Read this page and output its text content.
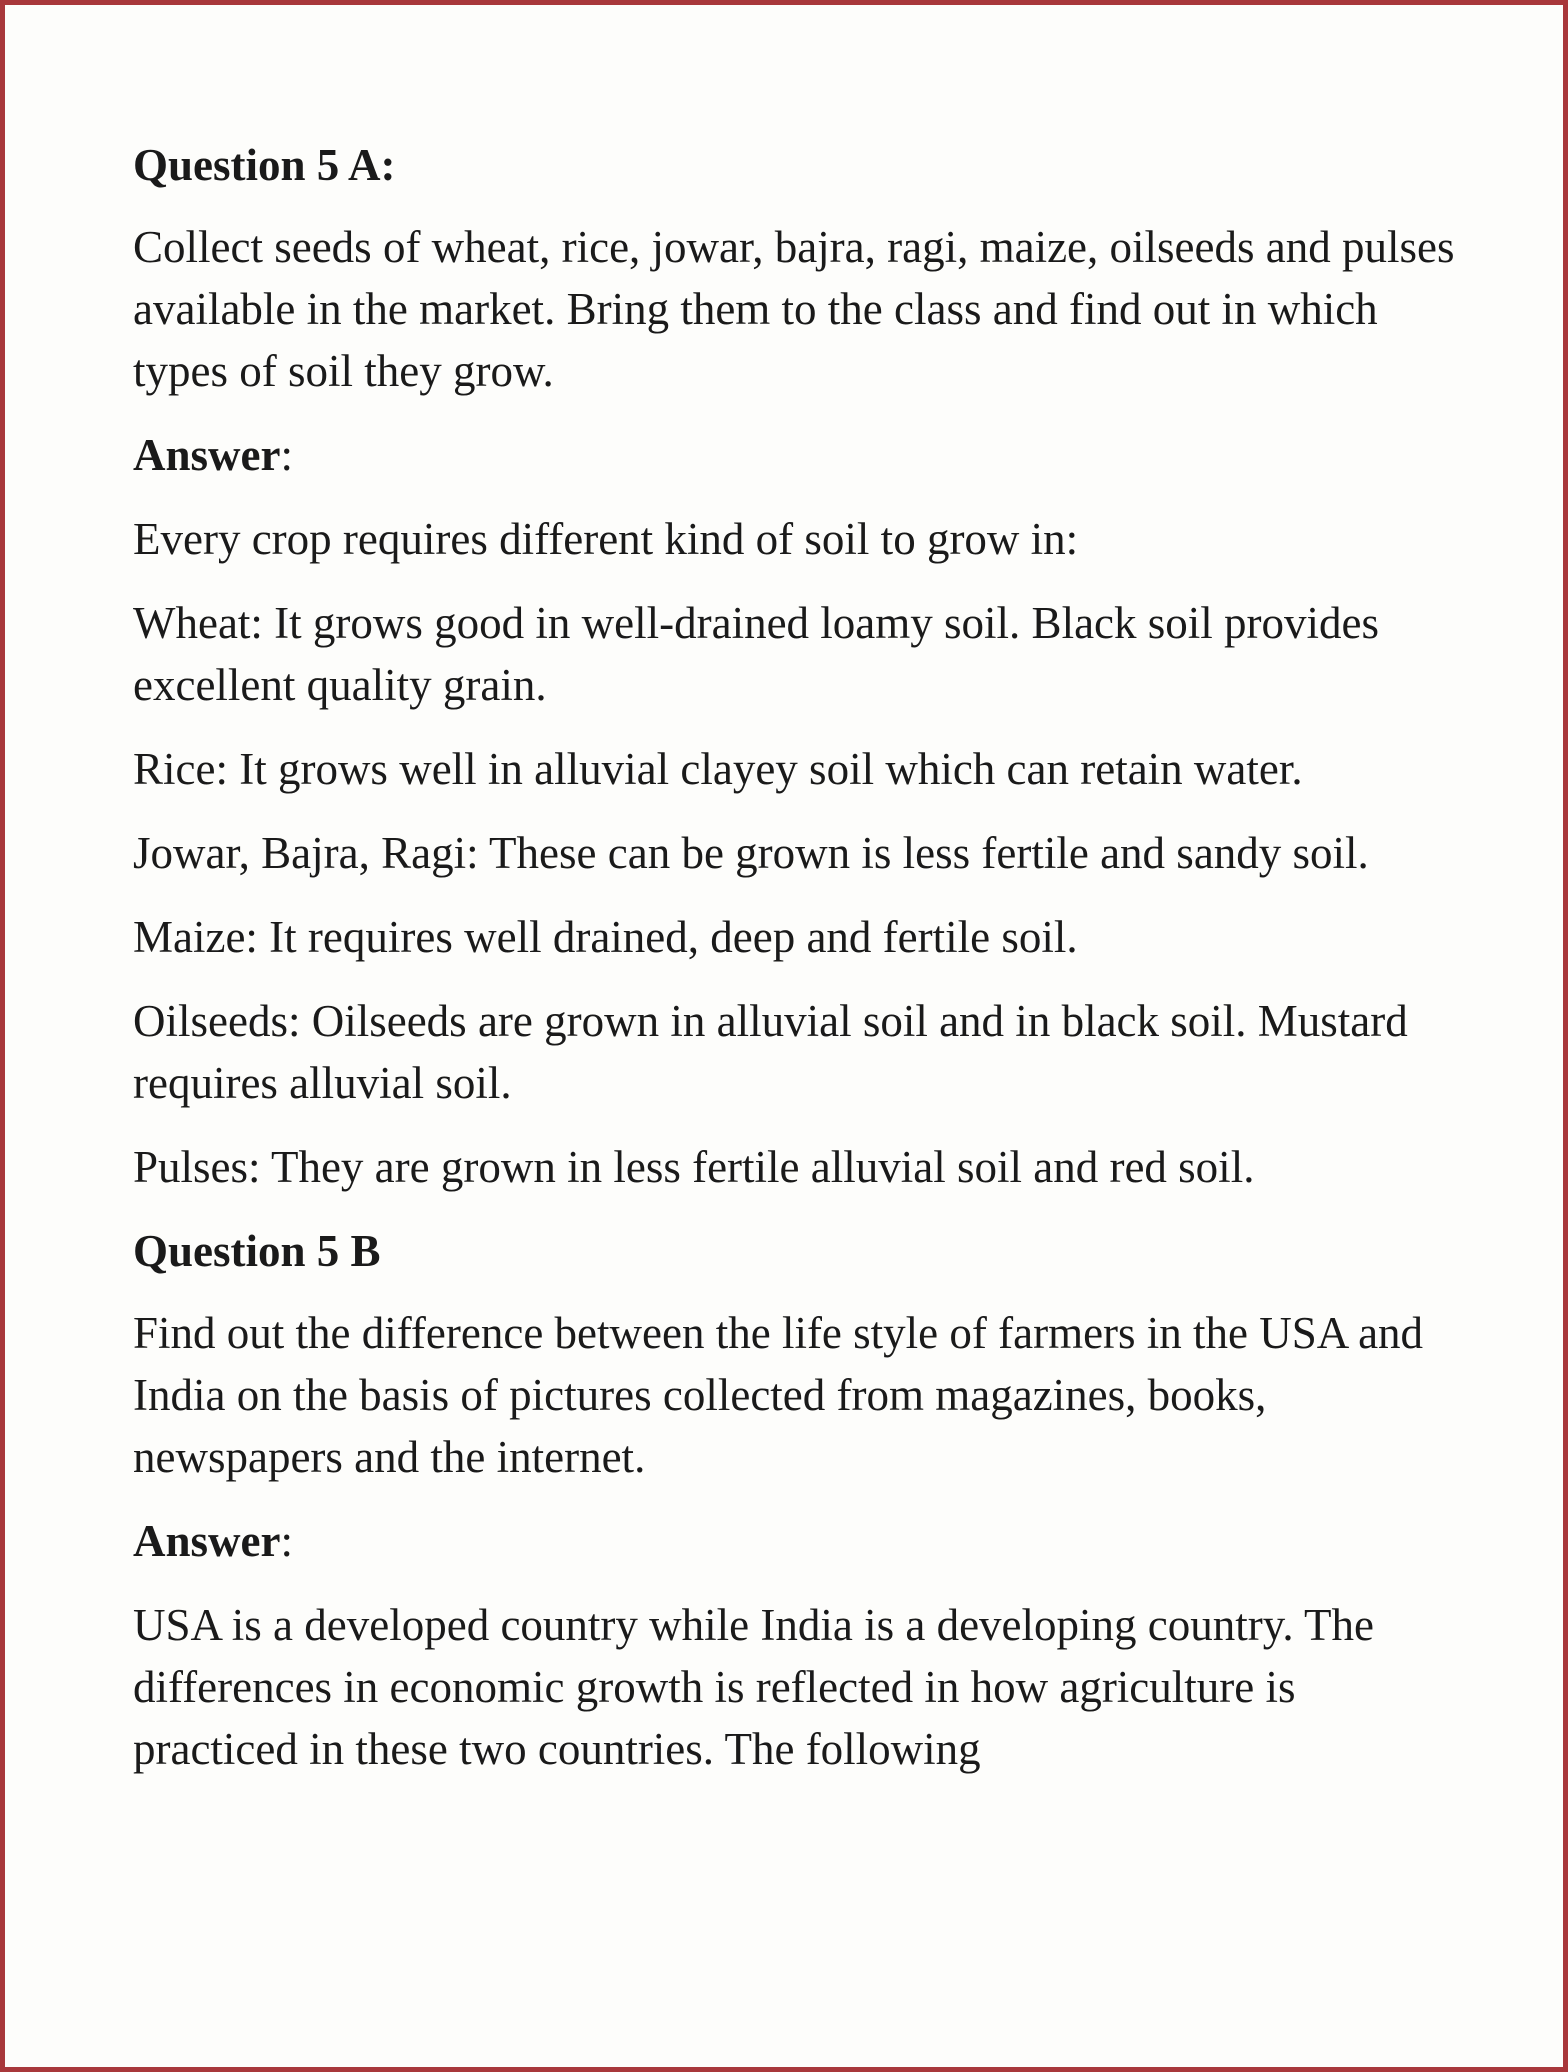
Question 5 A:

Collect seeds of wheat, rice, jowar, bajra, ragi, maize, oilseeds and pulses available in the market. Bring them to the class and find out in which types of soil they grow.

Answer:

Every crop requires different kind of soil to grow in:

Wheat: It grows good in well-drained loamy soil. Black soil provides excellent quality grain.

Rice: It grows well in alluvial clayey soil which can retain water.

Jowar, Bajra, Ragi: These can be grown is less fertile and sandy soil.

Maize: It requires well drained, deep and fertile soil.

Oilseeds: Oilseeds are grown in alluvial soil and in black soil. Mustard requires alluvial soil.

Pulses: They are grown in less fertile alluvial soil and red soil.

Question 5 B

Find out the difference between the life style of farmers in the USA and India on the basis of pictures collected from magazines, books, newspapers and the internet.

Answer:

USA is a developed country while India is a developing country. The differences in economic growth is reflected in how agriculture is practiced in these two countries. The following
